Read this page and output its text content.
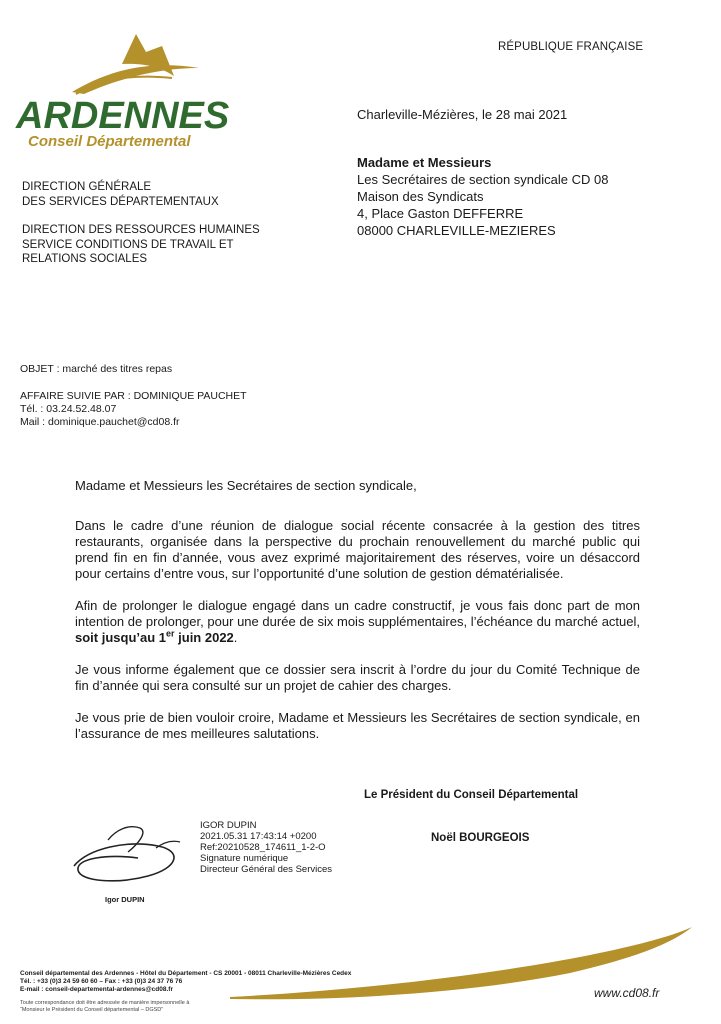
ARDENNES
Conseil Départemental
RÉPUBLIQUE FRANÇAISE
Charleville-Mézières, le 28 mai 2021
Madame et Messieurs
Les Secrétaires de section syndicale CD 08
Maison des Syndicats
4, Place Gaston DEFFERRE
08000 CHARLEVILLE-MEZIERES
DIRECTION GÉNÉRALE
DES SERVICES DÉPARTEMENTAUX
DIRECTION DES RESSOURCES HUMAINES
SERVICE CONDITIONS DE TRAVAIL ET
RELATIONS SOCIALES
OBJET : marché des titres repas
AFFAIRE SUIVIE PAR : DOMINIQUE PAUCHET
Tél. : 03.24.52.48.07
Mail : dominique.pauchet@cd08.fr

Madame et Messieurs les Secrétaires de section syndicale,

Dans le cadre d’une réunion de dialogue social récente consacrée à la gestion des titres restaurants, organisée dans la perspective du prochain renouvellement du marché public qui prend fin en fin d’année, vous avez exprimé majoritairement des réserves, voire un désaccord pour certains d’entre vous, sur l’opportunité d’une solution de gestion dématérialisée.

Afin de prolonger le dialogue engagé dans un cadre constructif, je vous fais donc part de mon intention de prolonger, pour une durée de six mois supplémentaires, l’échéance du marché actuel, soit jusqu’au 1er juin 2022.

Je vous informe également que ce dossier sera inscrit à l’ordre du jour du Comité Technique de fin d’année qui sera consulté sur un projet de cahier des charges.

Je vous prie de bien vouloir croire, Madame et Messieurs les Secrétaires de section syndicale, en l’assurance de mes meilleures salutations.

Le Président du Conseil Départemental
Noël BOURGEOIS
Igor DUPIN
IGOR DUPIN
2021.05.31 17:43:14 +0200
Ref:20210528_174611_1-2-O
Signature numérique
Directeur Général des Services
Conseil départemental des Ardennes - Hôtel du Département - CS 20001 - 08011 Charleville-Mézières Cedex
Tél. : +33 (0)3 24 59 60 60 – Fax : +33 (0)3 24 37 76 76
E-mail : conseil-departemental-ardennes@cd08.fr
Toute correspondance doit être adressée de manière impersonnelle à
“Monsieur le Président du Conseil départemental – DGSD”
www.cd08.fr
